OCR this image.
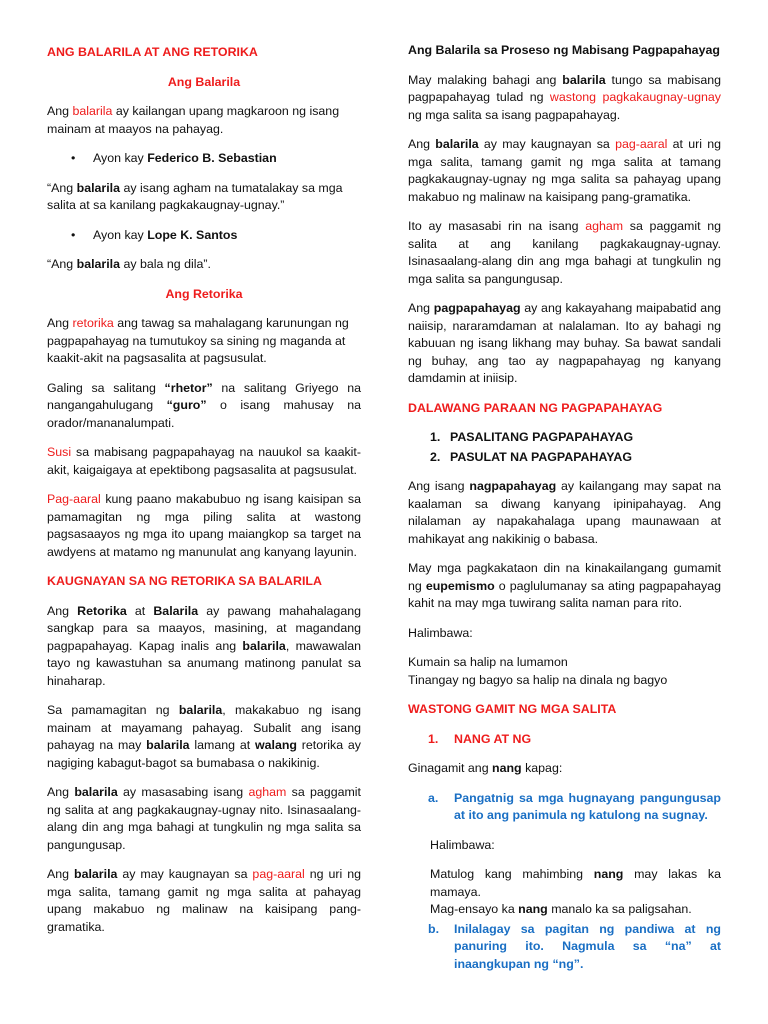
ANG BALARILA AT ANG RETORIKA

Ang Balarila

Ang balarila ay kailangan upang magkaroon ng isang mainam at maayos na pahayag.

• Ayon kay Federico B. Sebastian

“Ang balarila ay isang agham na tumatalakay sa mga salita at sa kanilang pagkakaugnay-ugnay.”

• Ayon kay Lope K. Santos

“Ang balarila ay bala ng dila”.

Ang Retorika

Ang retorika ang tawag sa mahalagang karunungan ng pagpapahayag na tumutukoy sa sining ng maganda at kaakit-akit na pagsasalita at pagsusulat.

Galing sa salitang “rhetor” na salitang Griyego na nangangahulugang “guro” o isang mahusay na orador/mananalumpati.

Susi sa mabisang pagpapahayag na nauukol sa kaakit-akit, kaigaigaya at epektibong pagsasalita at pagsusulat.

Pag-aaral kung paano makabubuo ng isang kaisipan sa pamamagitan ng mga piling salita at wastong pagsasaayos ng mga ito upang maiangkop sa target na awdyens at matamo ng manunulat ang kanyang layunin.

KAUGNAYAN SA NG RETORIKA SA BALARILA

Ang Retorika at Balarila ay pawang mahahalagang sangkap para sa maayos, masining, at magandang pagpapahayag. Kapag inalis ang balarila, mawawalan tayo ng kawastuhan sa anumang matinong panulat sa hinaharap.

Sa pamamagitan ng balarila, makakabuo ng isang mainam at mayamang pahayag. Subalit ang isang pahayag na may balarila lamang at walang retorika ay nagiging kabagut-bagot sa bumabasa o nakikinig.

Ang balarila ay masasabing isang agham sa paggamit ng salita at ang pagkakaugnay-ugnay nito. Isinasaalang-alang din ang mga bahagi at tungkulin ng mga salita sa pangungusap.

Ang balarila ay may kaugnayan sa pag-aaral ng uri ng mga salita, tamang gamit ng mga salita at pahayag upang makabuo ng malinaw na kaisipang pang-gramatika.

Ang Balarila sa Proseso ng Mabisang Pagpapahayag

May malaking bahagi ang balarila tungo sa mabisang pagpapahayag tulad ng wastong pagkakaugnay-ugnay ng mga salita sa isang pagpapahayag.

Ang balarila ay may kaugnayan sa pag-aaral at uri ng mga salita, tamang gamit ng mga salita at tamang pagkakaugnay-ugnay ng mga salita sa pahayag upang makabuo ng malinaw na kaisipang pang-gramatika.

Ito ay masasabi rin na isang agham sa paggamit ng salita at ang kanilang pagkakaugnay-ugnay. Isinasaalang-alang din ang mga bahagi at tungkulin ng mga salita sa pangungusap.

Ang pagpapahayag ay ang kakayahang maipabatid ang naiisip, nararamdaman at nalalaman. Ito ay bahagi ng kabuuan ng isang likhang may buhay. Sa bawat sandali ng buhay, ang tao ay nagpapahayag ng kanyang damdamin at iniisip.

DALAWANG PARAAN NG PAGPAPAHAYAG

1. PASALITANG PAGPAPAHAYAG
2. PASULAT NA PAGPAPAHAYAG

Ang isang nagpapahayag ay kailangang may sapat na kaalaman sa diwang kanyang ipinipahayag. Ang nilalaman ay napakahalaga upang maunawaan at mahikayat ang nakikinig o babasa.

May mga pagkakataon din na kinakailangang gumamit ng eupemismo o paglulumanay sa ating pagpapahayag kahit na may mga tuwirang salita naman para rito.

Halimbawa:

Kumain sa halip na lumamon

Tinangay ng bagyo sa halip na dinala ng bagyo

WASTONG GAMIT NG MGA SALITA

1. NANG AT NG

Ginagamit ang nang kapag:

a. Pangatnig sa mga hugnayang pangungusap at ito ang panimula ng katulong na sugnay.

Halimbawa:

Matulog kang mahimbing nang may lakas ka mamaya.

Mag-ensayo ka nang manalo ka sa paligsahan.

b. Inilalagay sa pagitan ng pandiwa at ng panuring ito. Nagmula sa “na” at inaangkupan ng “ng”.
